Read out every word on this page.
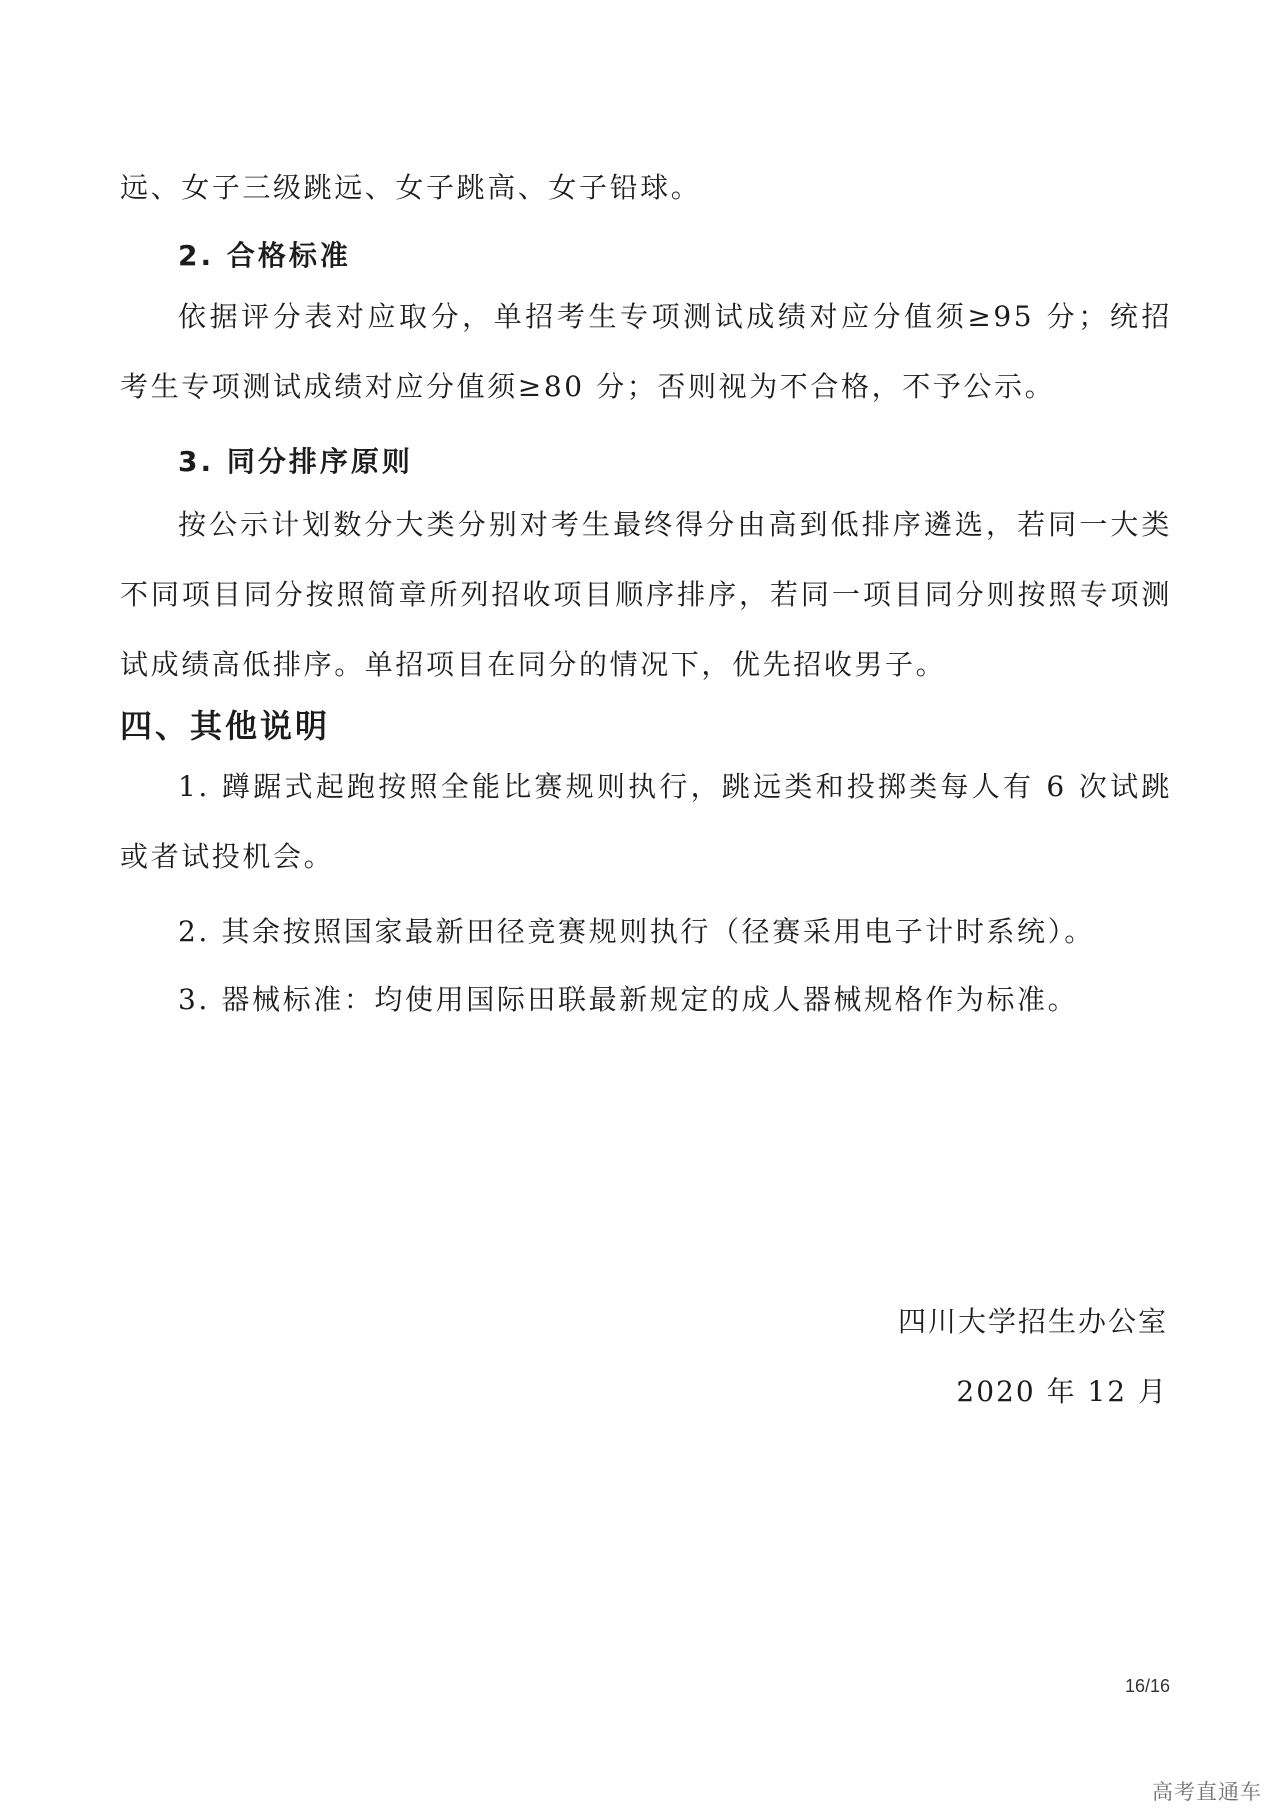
远、女子三级跳远、女子跳高、女子铅球。
2. 合格标准
依据评分表对应取分，单招考生专项测试成绩对应分值须≥95 分；统招考生专项测试成绩对应分值须≥80 分；否则视为不合格，不予公示。
3. 同分排序原则
按公示计划数分大类分别对考生最终得分由高到低排序遴选，若同一大类不同项目同分按照简章所列招收项目顺序排序，若同一项目同分则按照专项测试成绩高低排序。单招项目在同分的情况下，优先招收男子。
四、其他说明
1. 蹲踞式起跑按照全能比赛规则执行，跳远类和投掷类每人有 6 次试跳或者试投机会。
2. 其余按照国家最新田径竞赛规则执行（径赛采用电子计时系统）。
3. 器械标准：均使用国际田联最新规定的成人器械规格作为标准。
四川大学招生办公室
2020 年 12 月
16/16
高考直通车
